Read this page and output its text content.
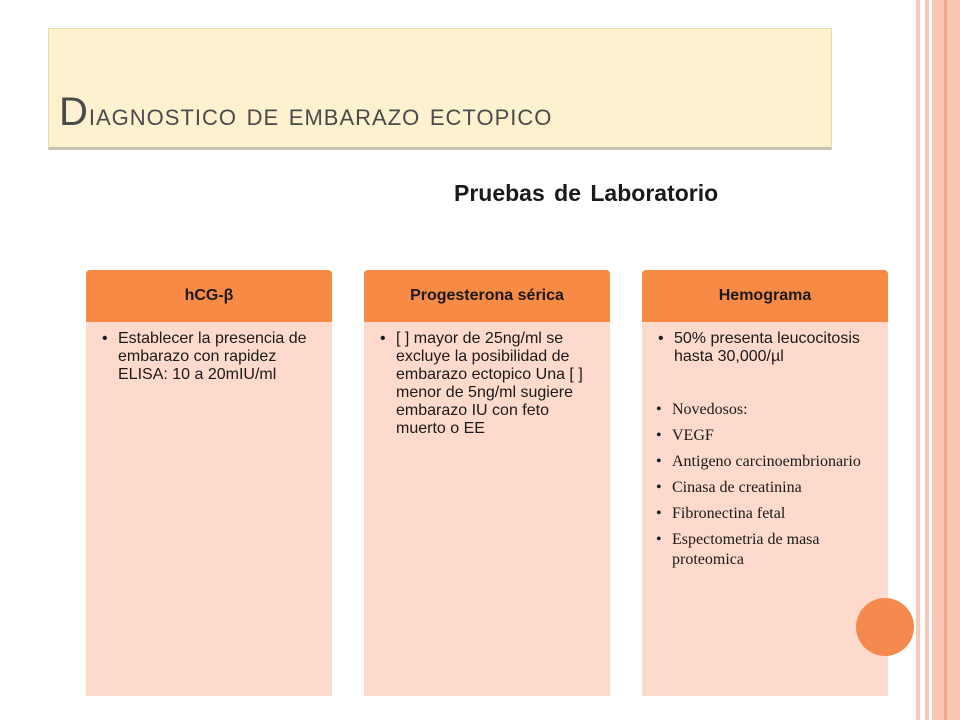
Diagnostico de embarazo ectopico
Pruebas de Laboratorio
hCG-β
• Establecer la presencia de embarazo con rapidez ELISA: 10 a 20mIU/ml
Progesterona sérica
• [ ] mayor de 25ng/ml se excluye la posibilidad de embarazo ectopico Una [ ] menor de 5ng/ml sugiere embarazo IU con feto muerto o EE
Hemograma
• 50% presenta leucocitosis hasta 30,000/µl
• Novedosos:
• VEGF
• Antigeno carcinoembrionario
• Cinasa de creatinina
• Fibronectina fetal
• Espectometria de masa proteomica
